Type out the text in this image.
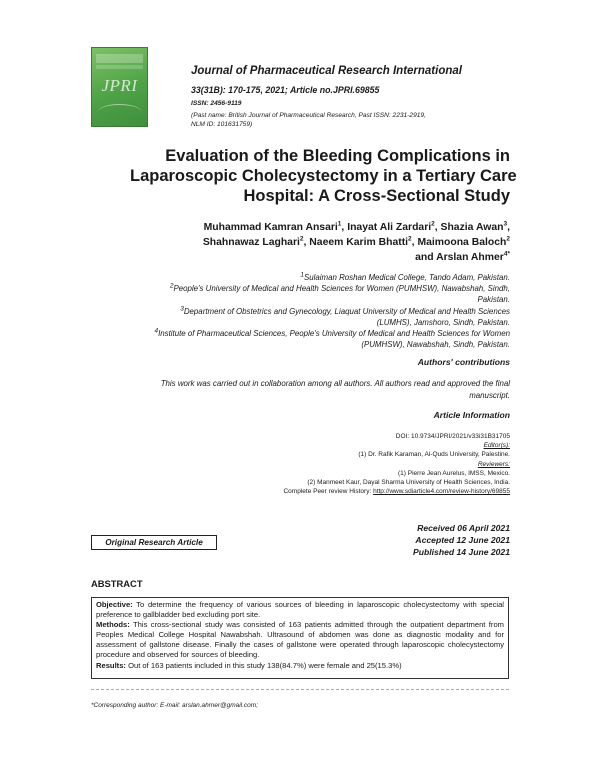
JPRI
Journal of Pharmaceutical Research International
33(31B): 170-175, 2021; Article no.JPRI.69855
ISSN: 2456-9119
(Past name: British Journal of Pharmaceutical Research, Past ISSN: 2231-2919,
NLM ID: 101631759)
Evaluation of the Bleeding Complications in
Laparoscopic Cholecystectomy in a Tertiary Care
Hospital: A Cross-Sectional Study
Muhammad Kamran Ansari$^1$, Inayat Ali Zardari$^2$, Shazia Awan$^3$,
Shahnawaz Laghari$^2$, Naeem Karim Bhatti$^2$, Maimoona Baloch$^2$
and Arslan Ahmer$^{4*}$
$^1$Sulaiman Roshan Medical College, Tando Adam, Pakistan.
$^2$People's University of Medical and Health Sciences for Women (PUMHSW), Nawabshah, Sindh,
Pakistan.
$^3$Department of Obstetrics and Gynecology, Liaquat University of Medical and Health Sciences
(LUMHS), Jamshoro, Sindh, Pakistan.
$^4$Institute of Pharmaceutical Sciences, People's University of Medical and Health Sciences for Women
(PUMHSW), Nawabshah, Sindh, Pakistan.
Authors' contributions
This work was carried out in collaboration among all authors. All authors read and approved the final
manuscript.
Article Information
DOI: 10.9734/JPRI/2021/v33i31B31705
Editor(s):
(1) Dr. Rafik Karaman, Al-Quds University, Palestine.
Reviewers:
(1) Pierre Jean Aurelus, IMSS, Mexico.
(2) Manmeet Kaur, Dayal Sharma University of Health Sciences, India.
Complete Peer review History: http://www.sdiarticle4.com/review-history/69855
Original Research Article
Received 06 April 2021
Accepted 12 June 2021
Published 14 June 2021
ABSTRACT

Objective: To determine the frequency of various sources of bleeding in laparoscopic cholecystectomy with special preference to gallbladder bed excluding port site.

Methods: This cross-sectional study was consisted of 163 patients admitted through the outpatient department from Peoples Medical College Hospital Nawabshah. Ultrasound of abdomen was done as diagnostic modality and for assessment of gallstone disease. Finally the cases of gallstone were operated through laparoscopic cholecystectomy procedure and observed for sources of bleeding.

Results: Out of 163 patients included in this study 138(84.7%) were female and 25(15.3%)

*Corresponding author: E-mail: arslan.ahmer@gmail.com;
